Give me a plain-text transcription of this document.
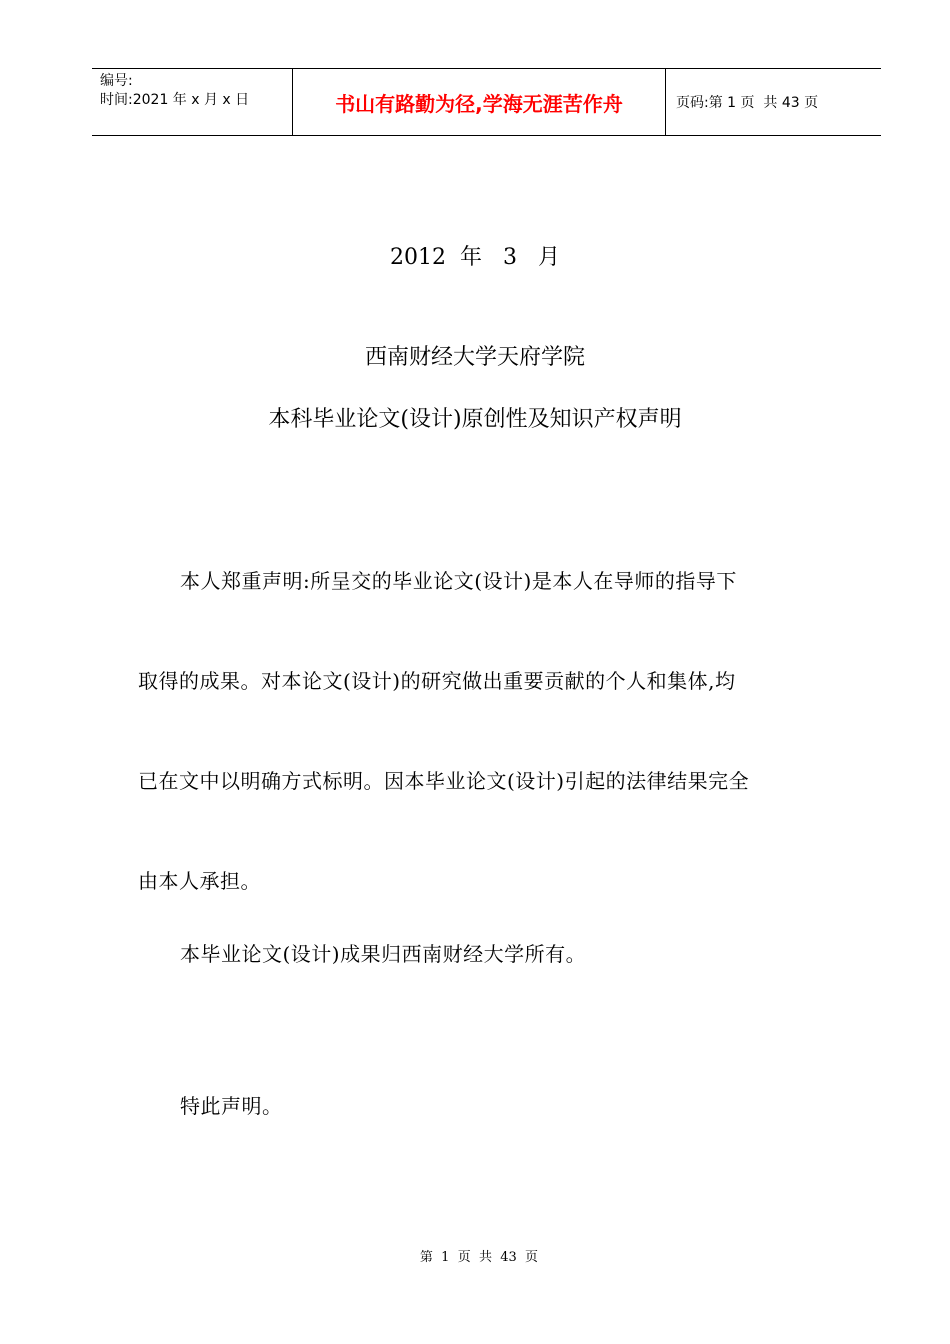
编号:
时间:2021 年 x 月 x 日	书山有路勤为径,学海无涯苦作舟	页码:第 1 页  共 43 页
2012  年   3   月
西南财经大学天府学院
本科毕业论文(设计)原创性及知识产权声明
本人郑重声明:所呈交的毕业论文(设计)是本人在导师的指导下
取得的成果。对本论文(设计)的研究做出重要贡献的个人和集体,均
已在文中以明确方式标明。因本毕业论文(设计)引起的法律结果完全
由本人承担。
本毕业论文(设计)成果归西南财经大学所有。
特此声明。
第  1  页  共  43  页
